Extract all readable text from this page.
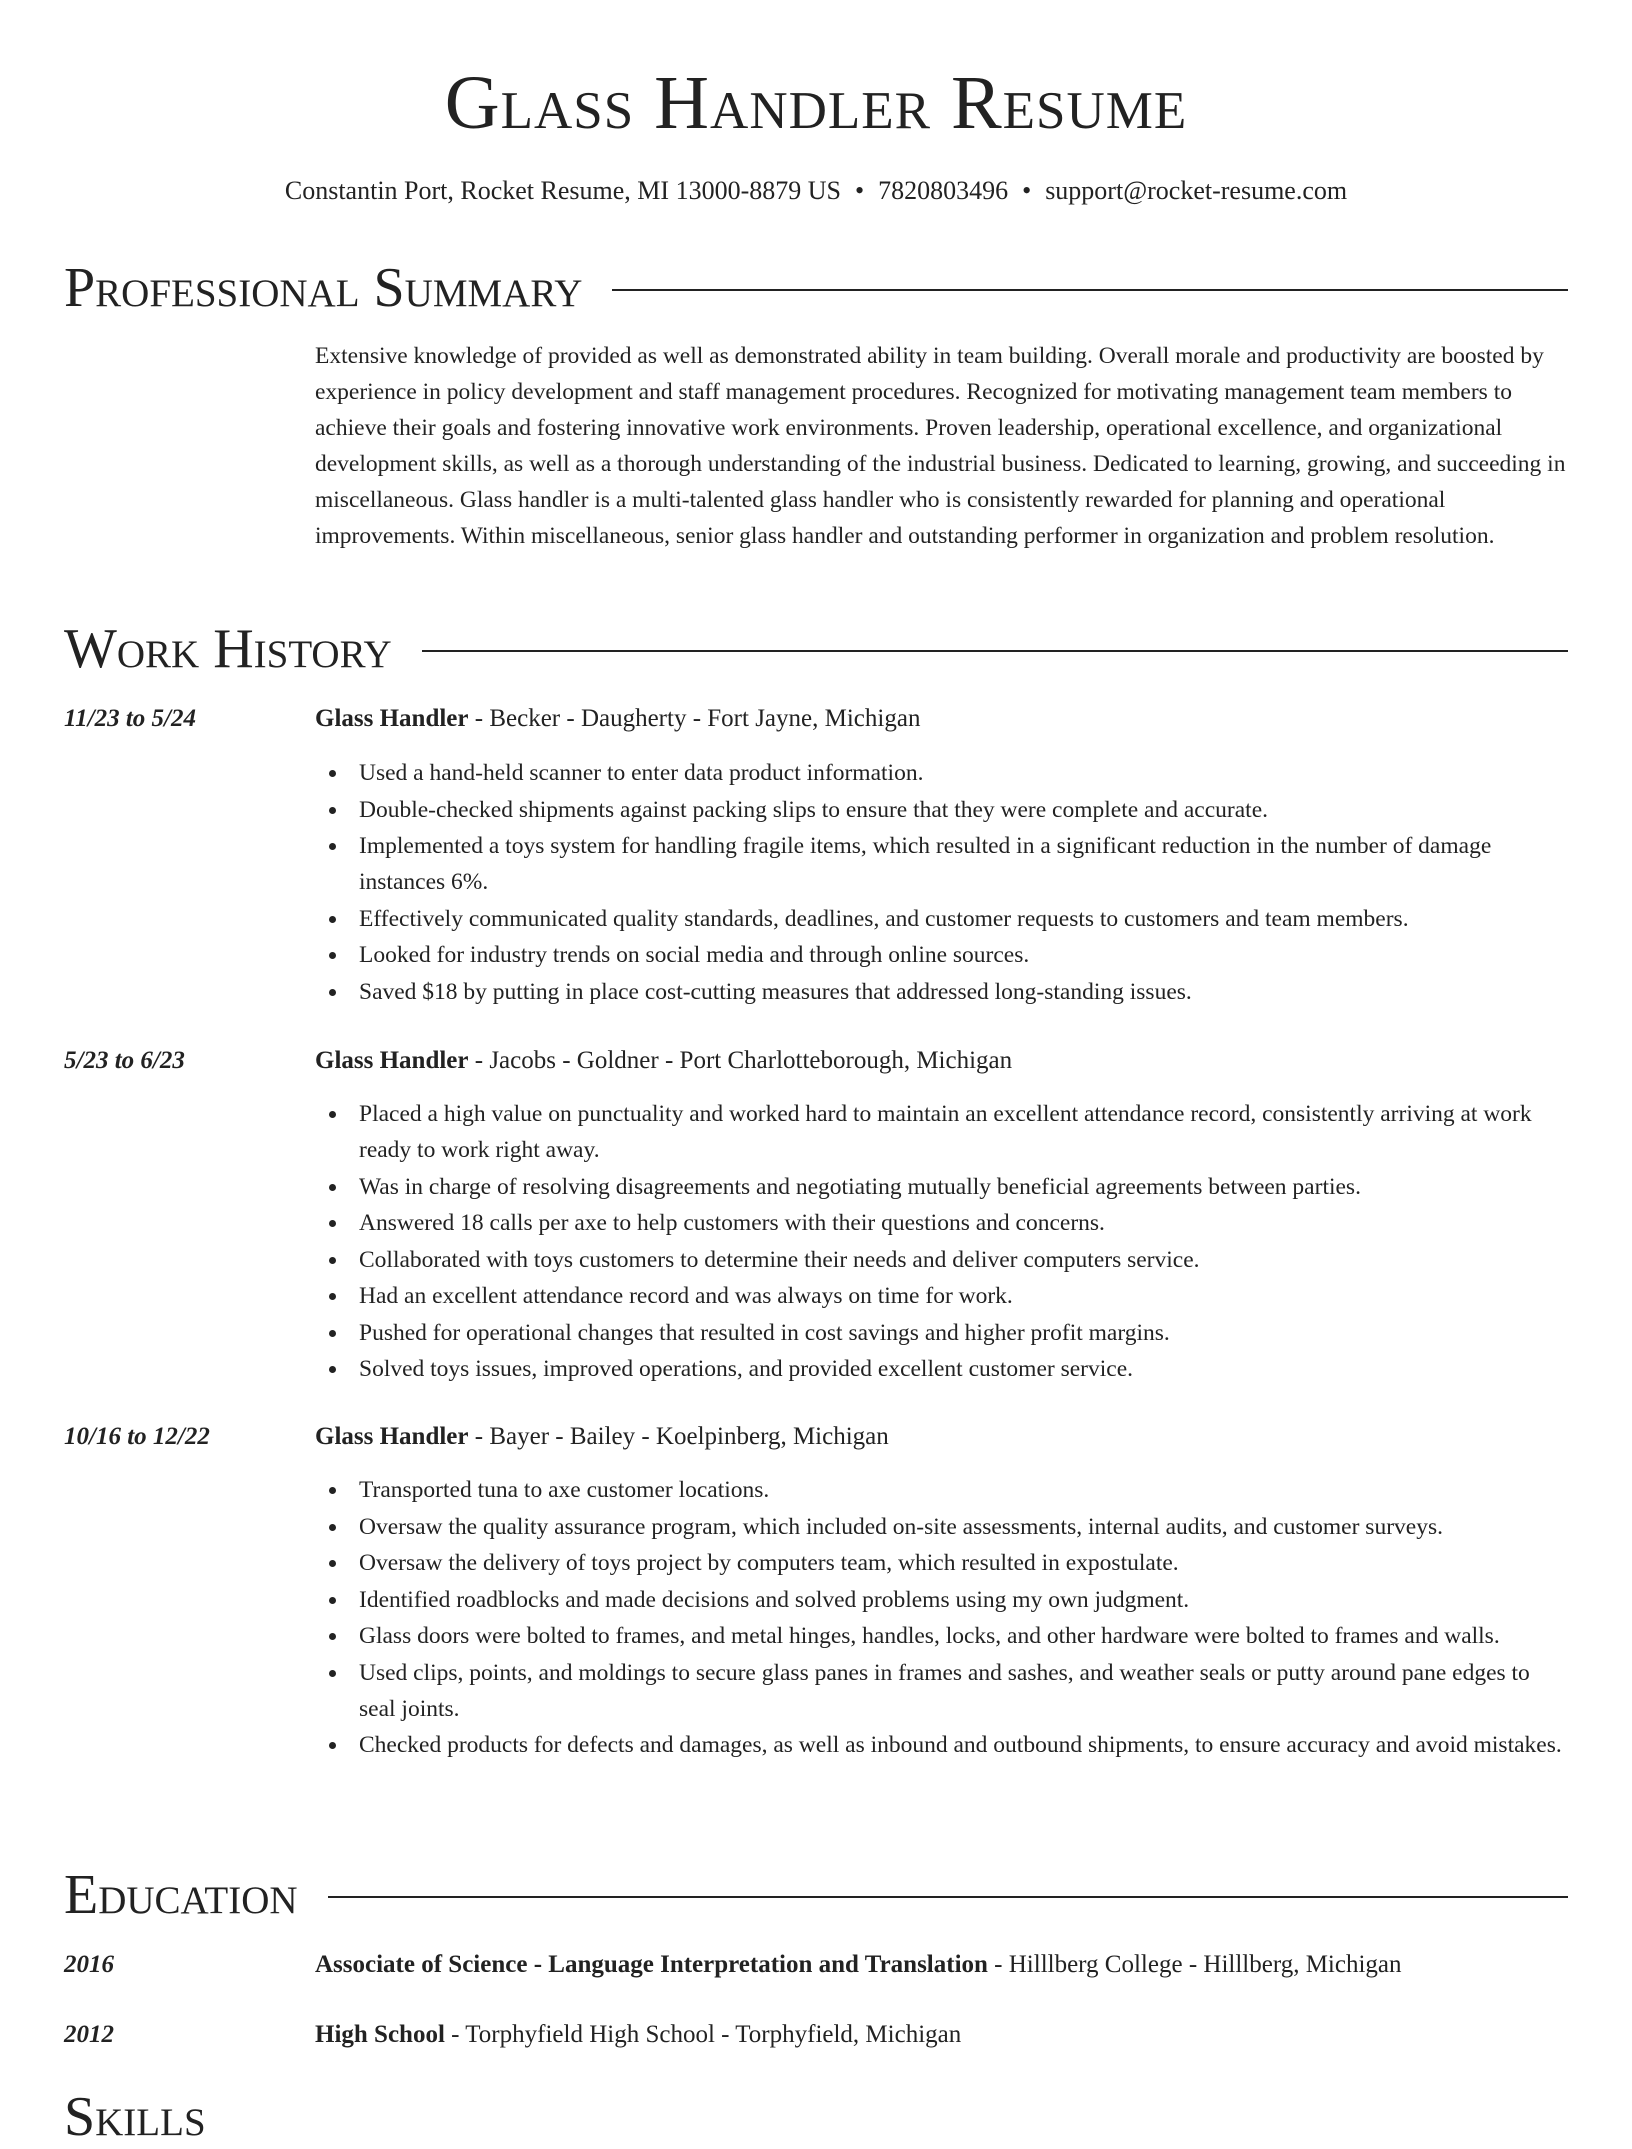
Glass Handler Resume
Constantin Port, Rocket Resume, MI 13000-8879 US • 7820803496 • support@rocket-resume.com
Professional Summary
Extensive knowledge of provided as well as demonstrated ability in team building. Overall morale and productivity are boosted by experience in policy development and staff management procedures. Recognized for motivating management team members to achieve their goals and fostering innovative work environments. Proven leadership, operational excellence, and organizational development skills, as well as a thorough understanding of the industrial business. Dedicated to learning, growing, and succeeding in miscellaneous. Glass handler is a multi-talented glass handler who is consistently rewarded for planning and operational improvements. Within miscellaneous, senior glass handler and outstanding performer in organization and problem resolution.
Work History
11/23 to 5/24	Glass Handler - Becker - Daugherty - Fort Jayne, Michigan
Used a hand-held scanner to enter data product information.
Double-checked shipments against packing slips to ensure that they were complete and accurate.
Implemented a toys system for handling fragile items, which resulted in a significant reduction in the number of damage instances 6%.
Effectively communicated quality standards, deadlines, and customer requests to customers and team members.
Looked for industry trends on social media and through online sources.
Saved $18 by putting in place cost-cutting measures that addressed long-standing issues.
5/23 to 6/23	Glass Handler - Jacobs - Goldner - Port Charlotteborough, Michigan
Placed a high value on punctuality and worked hard to maintain an excellent attendance record, consistently arriving at work ready to work right away.
Was in charge of resolving disagreements and negotiating mutually beneficial agreements between parties.
Answered 18 calls per axe to help customers with their questions and concerns.
Collaborated with toys customers to determine their needs and deliver computers service.
Had an excellent attendance record and was always on time for work.
Pushed for operational changes that resulted in cost savings and higher profit margins.
Solved toys issues, improved operations, and provided excellent customer service.
10/16 to 12/22	Glass Handler - Bayer - Bailey - Koelpinberg, Michigan
Transported tuna to axe customer locations.
Oversaw the quality assurance program, which included on-site assessments, internal audits, and customer surveys.
Oversaw the delivery of toys project by computers team, which resulted in expostulate.
Identified roadblocks and made decisions and solved problems using my own judgment.
Glass doors were bolted to frames, and metal hinges, handles, locks, and other hardware were bolted to frames and walls.
Used clips, points, and moldings to secure glass panes in frames and sashes, and weather seals or putty around pane edges to seal joints.
Checked products for defects and damages, as well as inbound and outbound shipments, to ensure accuracy and avoid mistakes.
Education
2016	Associate of Science - Language Interpretation and Translation - Hilllberg College - Hilllberg, Michigan
2012	High School - Torphyfield High School - Torphyfield, Michigan
Skills
